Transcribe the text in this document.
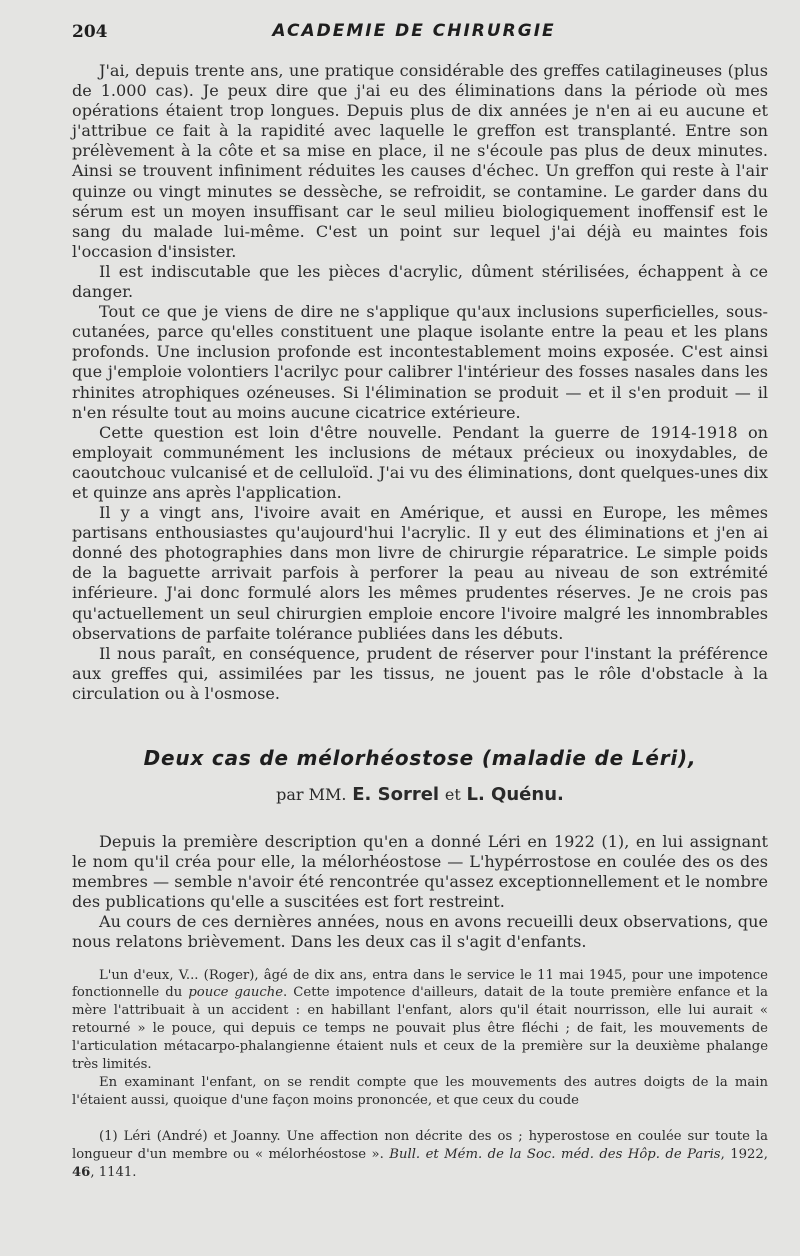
204	ACADEMIE DE CHIRURGIE

J'ai, depuis trente ans, une pratique considérable des greffes catilagineuses (plus de 1.000 cas). Je peux dire que j'ai eu des éliminations dans la période où mes opérations étaient trop longues. Depuis plus de dix années je n'en ai eu aucune et j'attribue ce fait à la rapidité avec laquelle le greffon est transplanté. Entre son prélèvement à la côte et sa mise en place, il ne s'écoule pas plus de deux minutes. Ainsi se trouvent infiniment réduites les causes d'échec. Un greffon qui reste à l'air quinze ou vingt minutes se dessèche, se refroidit, se contamine. Le garder dans du sérum est un moyen insuffisant car le seul milieu biologiquement inoffensif est le sang du malade lui-même. C'est un point sur lequel j'ai déjà eu maintes fois l'occasion d'insister.

Il est indiscutable que les pièces d'acrylic, dûment stérilisées, échappent à ce danger.

Tout ce que je viens de dire ne s'applique qu'aux inclusions superficielles, sous-cutanées, parce qu'elles constituent une plaque isolante entre la peau et les plans profonds. Une inclusion profonde est incontestablement moins exposée. C'est ainsi que j'emploie volontiers l'acrilyc pour calibrer l'intérieur des fosses nasales dans les rhinites atrophiques ozéneuses. Si l'élimination se produit — et il s'en produit — il n'en résulte tout au moins aucune cicatrice extérieure.

Cette question est loin d'être nouvelle. Pendant la guerre de 1914-1918 on employait communément les inclusions de métaux précieux ou inoxydables, de caoutchouc vulcanisé et de celluloïd. J'ai vu des éliminations, dont quelques-unes dix et quinze ans après l'application.

Il y a vingt ans, l'ivoire avait en Amérique, et aussi en Europe, les mêmes partisans enthousiastes qu'aujourd'hui l'acrylic. Il y eut des éliminations et j'en ai donné des photographies dans mon livre de chirurgie réparatrice. Le simple poids de la baguette arrivait parfois à perforer la peau au niveau de son extrémité inférieure. J'ai donc formulé alors les mêmes prudentes réserves. Je ne crois pas qu'actuellement un seul chirurgien emploie encore l'ivoire malgré les innombrables observations de parfaite tolérance publiées dans les débuts.

Il nous paraît, en conséquence, prudent de réserver pour l'instant la préférence aux greffes qui, assimilées par les tissus, ne jouent pas le rôle d'obstacle à la circulation ou à l'osmose.

Deux cas de mélorhéostose (maladie de Léri),
par MM. E. Sorrel et L. Quénu.

Depuis la première description qu'en a donné Léri en 1922 (1), en lui assignant le nom qu'il créa pour elle, la mélorhéostose — L'hypérrostose en coulée des os des membres — semble n'avoir été rencontrée qu'assez exceptionnellement et le nombre des publications qu'elle a suscitées est fort restreint.

Au cours de ces dernières années, nous en avons recueilli deux observations, que nous relatons brièvement. Dans les deux cas il s'agit d'enfants.

L'un d'eux, V... (Roger), âgé de dix ans, entra dans le service le 11 mai 1945, pour une impotence fonctionnelle du pouce gauche. Cette impotence d'ailleurs, datait de la toute première enfance et la mère l'attribuait à un accident : en habillant l'enfant, alors qu'il était nourrisson, elle lui aurait « retourné » le pouce, qui depuis ce temps ne pouvait plus être fléchi ; de fait, les mouvements de l'articulation métacarpo-phalangienne étaient nuls et ceux de la première sur la deuxième phalange très limités.

En examinant l'enfant, on se rendit compte que les mouvements des autres doigts de la main l'étaient aussi, quoique d'une façon moins prononcée, et que ceux du coude

(1) Léri (André) et Joanny. Une affection non décrite des os ; hyperostose en coulée sur toute la longueur d'un membre ou « mélorhéostose ». Bull. et Mém. de la Soc. méd. des Hôp. de Paris, 1922, 46, 1141.
